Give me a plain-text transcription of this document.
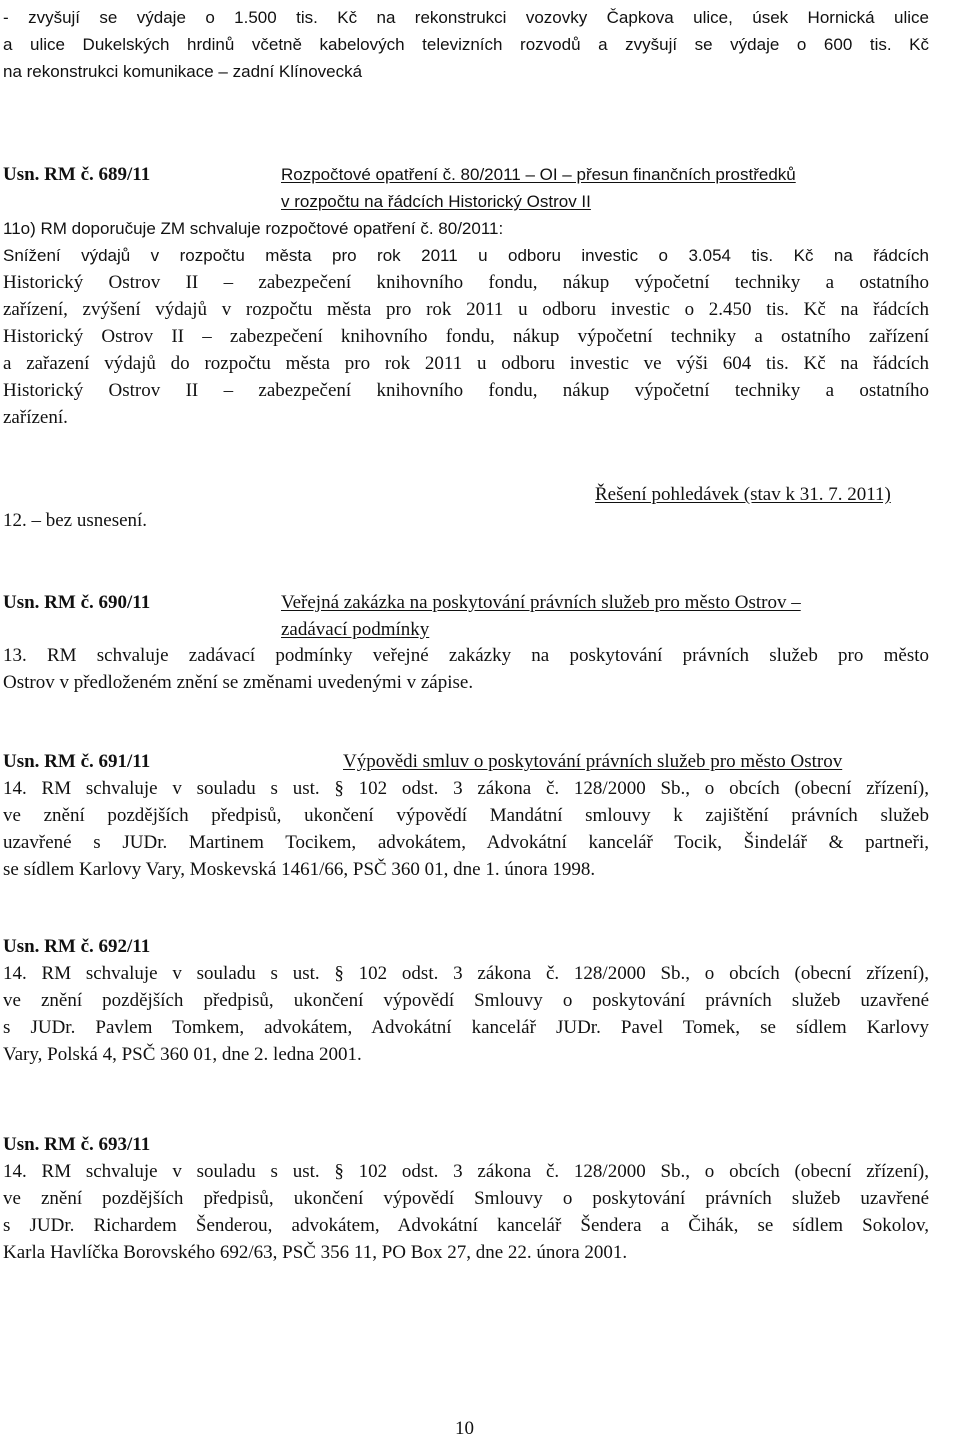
- zvyšují se výdaje o 1.500 tis. Kč na rekonstrukci vozovky Čapkova ulice, úsek Hornická ulice
a ulice Dukelských hrdinů včetně kabelových televizních rozvodů a zvyšují se výdaje o 600 tis. Kč
na rekonstrukci komunikace – zadní Klínovecká
Usn. RM č. 689/11	Rozpočtové opatření č. 80/2011 – OI – přesun finančních prostředků
v rozpočtu na řádcích Historický Ostrov II
11o) RM doporučuje ZM schvaluje rozpočtové opatření č. 80/2011:
Snížení výdajů v rozpočtu města pro rok 2011 u odboru investic o 3.054 tis. Kč na řádcích
Historický Ostrov II – zabezpečení knihovního fondu, nákup výpočetní techniky a ostatního
zařízení, zvýšení výdajů v rozpočtu města pro rok 2011 u odboru investic o 2.450 tis. Kč na řádcích
Historický Ostrov II – zabezpečení knihovního fondu, nákup výpočetní techniky a ostatního zařízení
a zařazení výdajů do rozpočtu města pro rok 2011 u odboru investic ve výši 604 tis. Kč na řádcích
Historický Ostrov II – zabezpečení knihovního fondu, nákup výpočetní techniky a ostatního
zařízení.
Řešení pohledávek (stav k 31. 7. 2011)
12. – bez usnesení.
Usn. RM č. 690/11	Veřejná zakázka na poskytování právních služeb pro město Ostrov –
zadávací podmínky
13. RM schvaluje zadávací podmínky veřejné zakázky na poskytování právních služeb pro město
Ostrov v předloženém znění se změnami uvedenými v zápise.
Usn. RM č. 691/11	Výpovědi smluv o poskytování právních služeb pro město Ostrov
14. RM schvaluje v souladu s ust. § 102 odst. 3 zákona č. 128/2000 Sb., o obcích (obecní zřízení),
ve znění pozdějších předpisů, ukončení výpovědí Mandátní smlouvy k zajištění právních služeb
uzavřené s JUDr. Martinem Tocikem, advokátem, Advokátní kancelář Tocik, Šindelář & partneři,
se sídlem Karlovy Vary, Moskevská 1461/66, PSČ 360 01, dne 1. února 1998.
Usn. RM č. 692/11
14. RM schvaluje v souladu s ust. § 102 odst. 3 zákona č. 128/2000 Sb., o obcích (obecní zřízení),
ve znění pozdějších předpisů, ukončení výpovědí Smlouvy o poskytování právních služeb uzavřené
s JUDr. Pavlem Tomkem, advokátem, Advokátní kancelář JUDr. Pavel Tomek, se sídlem Karlovy
Vary, Polská 4, PSČ 360 01, dne 2. ledna 2001.
Usn. RM č. 693/11
14. RM schvaluje v souladu s ust. § 102 odst. 3 zákona č. 128/2000 Sb., o obcích (obecní zřízení),
ve znění pozdějších předpisů, ukončení výpovědí Smlouvy o poskytování právních služeb uzavřené
s JUDr. Richardem Šenderou, advokátem, Advokátní kancelář Šendera a Čihák, se sídlem Sokolov,
Karla Havlíčka Borovského 692/63, PSČ 356 11, PO Box 27, dne 22. února 2001.
10
